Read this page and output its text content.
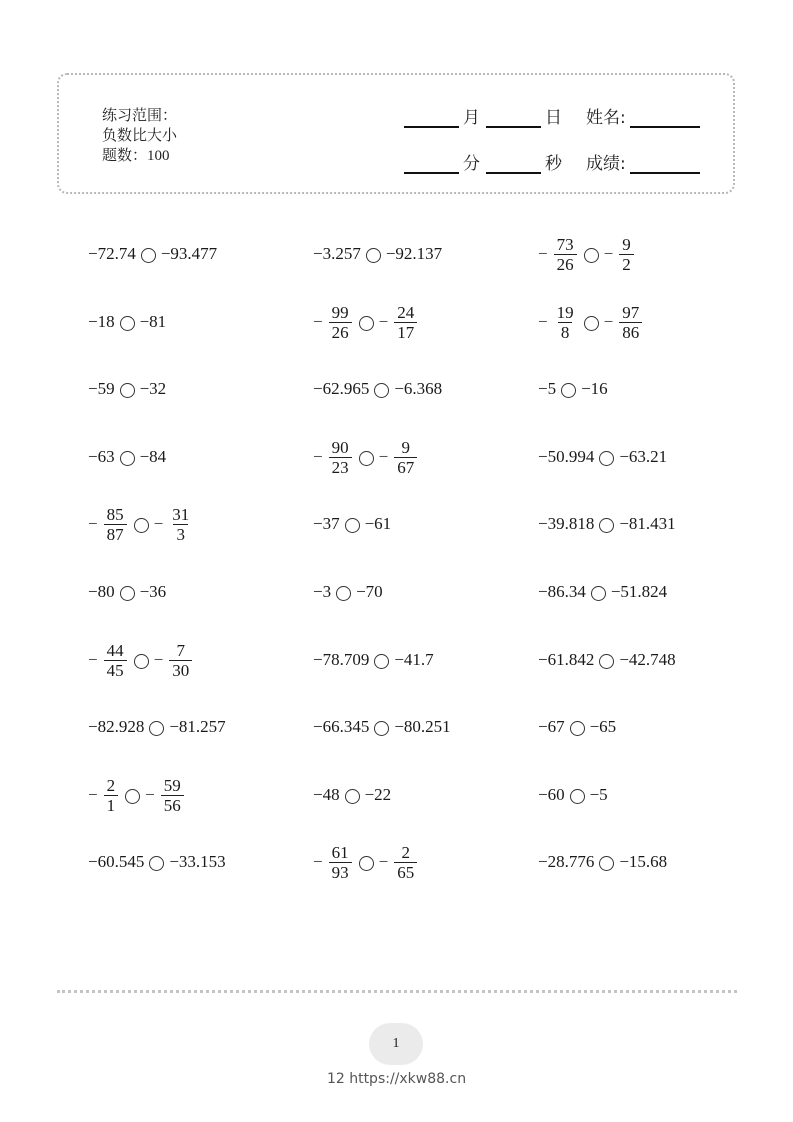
练习范围：
负数比大小
题数：100
月	日 姓名:
分	秒 成绩:
−72.74 −93.477	−3.257 −92.137	− $\frac{73}{26} - \frac{9}{2}$
−18 −81	− $\frac{99}{26} - \frac{24}{17}$	− $\frac{19}{8} - \frac{97}{86}$
−59 −32	−62.965 −6.368	−5 −16
−63 −84	− $\frac{90}{23} - \frac{9}{67}$	−50.994 −63.21
− $\frac{85}{87} - \frac{31}{3}$	−37 −61	−39.818 −81.431
−80 −36	−3 −70	−86.34 −51.824
− $\frac{44}{45} - \frac{7}{30}$	−78.709 −41.7	−61.842 −42.748
−82.928 −81.257	−66.345 −80.251	−67 −65
− $\frac{2}{1} - \frac{59}{56}$	−48 −22	−60 −5
−60.545 −33.153	− $\frac{61}{93} - \frac{2}{65}$	−28.776 −15.68
1
12 https://xkw88.cn
